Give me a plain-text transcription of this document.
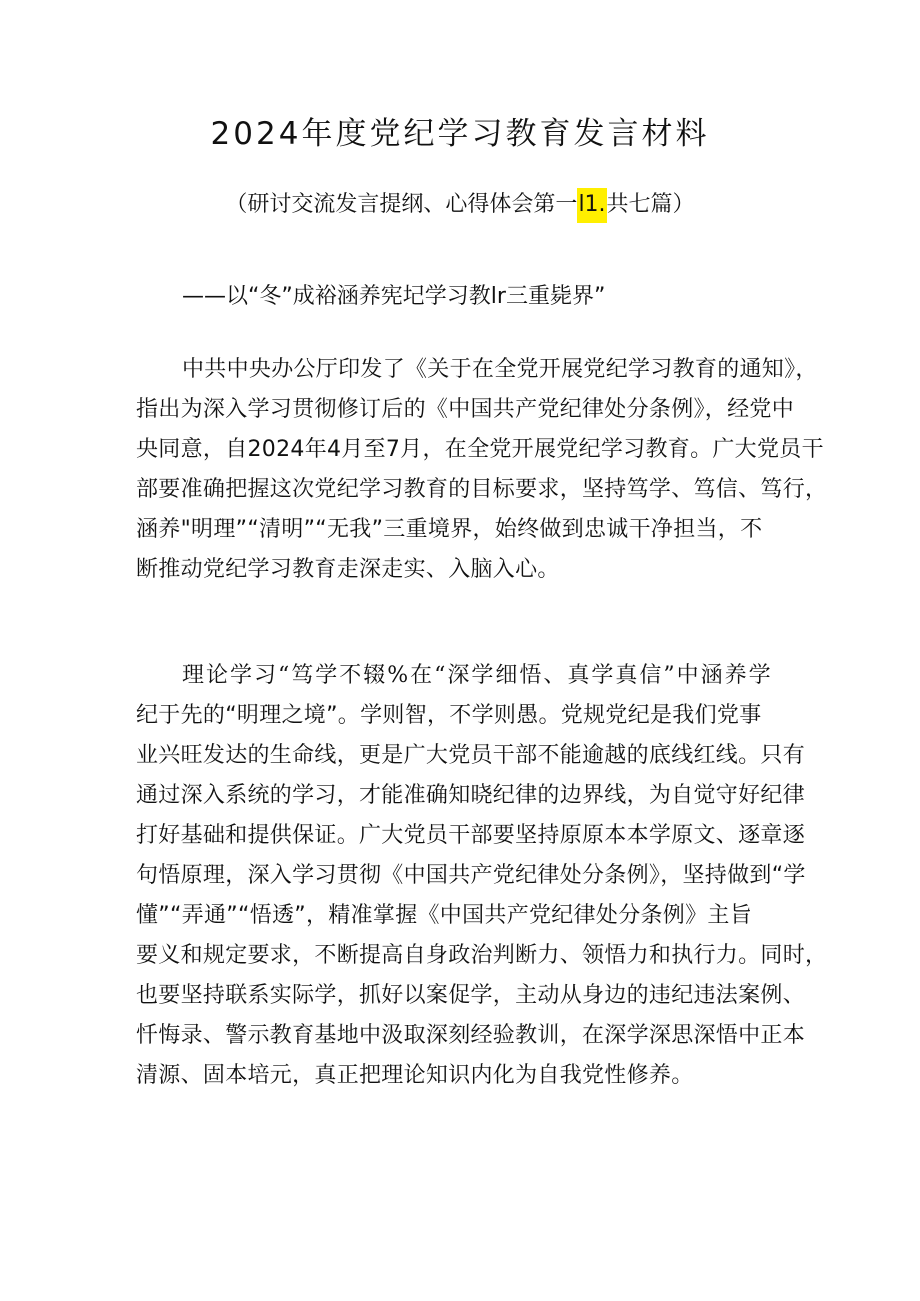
2024年度党纪学习教育发言材料
（研讨交流发言提纲、心得体会第一l1.共七篇）
——以“冬”成裕涵养宪圮学习教lr三重毙界”
中共中央办公厅印发了《关于在全党开展党纪学习教育的通知》，
指出为深入学习贯彻修订后的《中国共产党纪律处分条例》，经党中
央同意，自2024年4月至7月，在全党开展党纪学习教育。广大党员干
部要准确把握这次党纪学习教育的目标要求，坚持笃学、笃信、笃行，
涵养"明理”“清明”“无我”三重境界，始终做到忠诚干净担当，不
断推动党纪学习教育走深走实、入脑入心。
理论学习“笃学不辍%在“深学细悟、真学真信”中涵养学
纪于先的“明理之境”。学则智，不学则愚。党规党纪是我们党事
业兴旺发达的生命线，更是广大党员干部不能逾越的底线红线。只有
通过深入系统的学习，才能准确知晓纪律的边界线，为自觉守好纪律
打好基础和提供保证。广大党员干部要坚持原原本本学原文、逐章逐
句悟原理，深入学习贯彻《中国共产党纪律处分条例》，坚持做到“学
懂”“弄通”“悟透”，精准掌握《中国共产党纪律处分条例》主旨
要义和规定要求，不断提高自身政治判断力、领悟力和执行力。同时，
也要坚持联系实际学，抓好以案促学，主动从身边的违纪违法案例、
忏悔录、警示教育基地中汲取深刻经验教训，在深学深思深悟中正本
清源、固本培元，真正把理论知识内化为自我党性修养。
